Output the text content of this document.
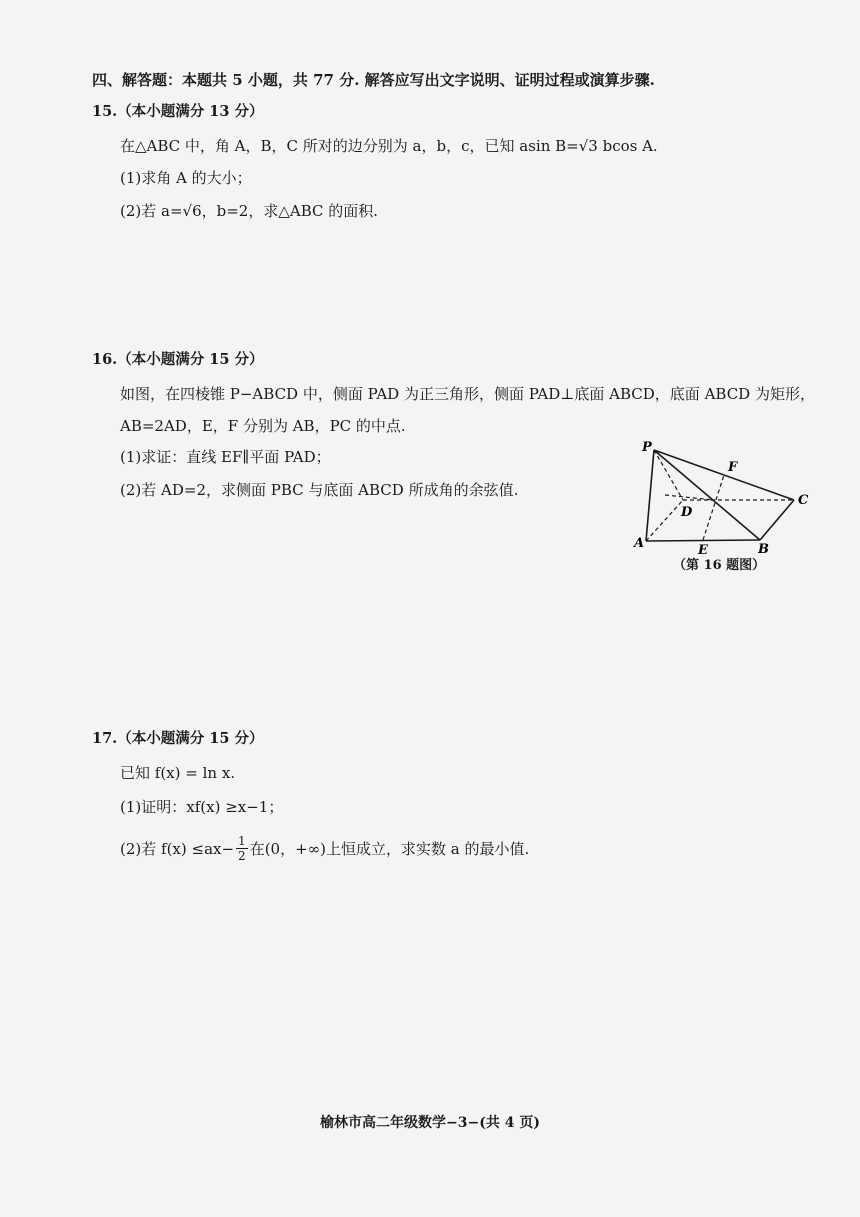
四、解答题：本题共 5 小题，共 77 分. 解答应写出文字说明、证明过程或演算步骤.
15.（本小题满分 13 分）
在△ABC 中，角 A，B，C 所对的边分别为 a，b，c，已知 asin B=√3 bcos A.
(1)求角 A 的大小；
(2)若 a=√6，b=2，求△ABC 的面积.
16.（本小题满分 15 分）
如图，在四棱锥 P−ABCD 中，侧面 PAD 为正三角形，侧面 PAD⊥底面 ABCD，底面 ABCD 为矩形，
AB=2AD，E，F 分别为 AB，PC 的中点.
(1)求证：直线 EF∥平面 PAD；
(2)若 AD=2，求侧面 PBC 与底面 ABCD 所成角的余弦值.
P
F
C
D
A	E	B
（第 16 题图）
17.（本小题满分 15 分）
已知 f(x) = ln x.
(1)证明：xf(x) ≥x−1；
(2)若 $f(x) \le ax- \frac{1}{2}$ 在(0，+∞)上恒成立，求实数 a 的最小值.
榆林市高二年级数学−3−(共 4 页)
